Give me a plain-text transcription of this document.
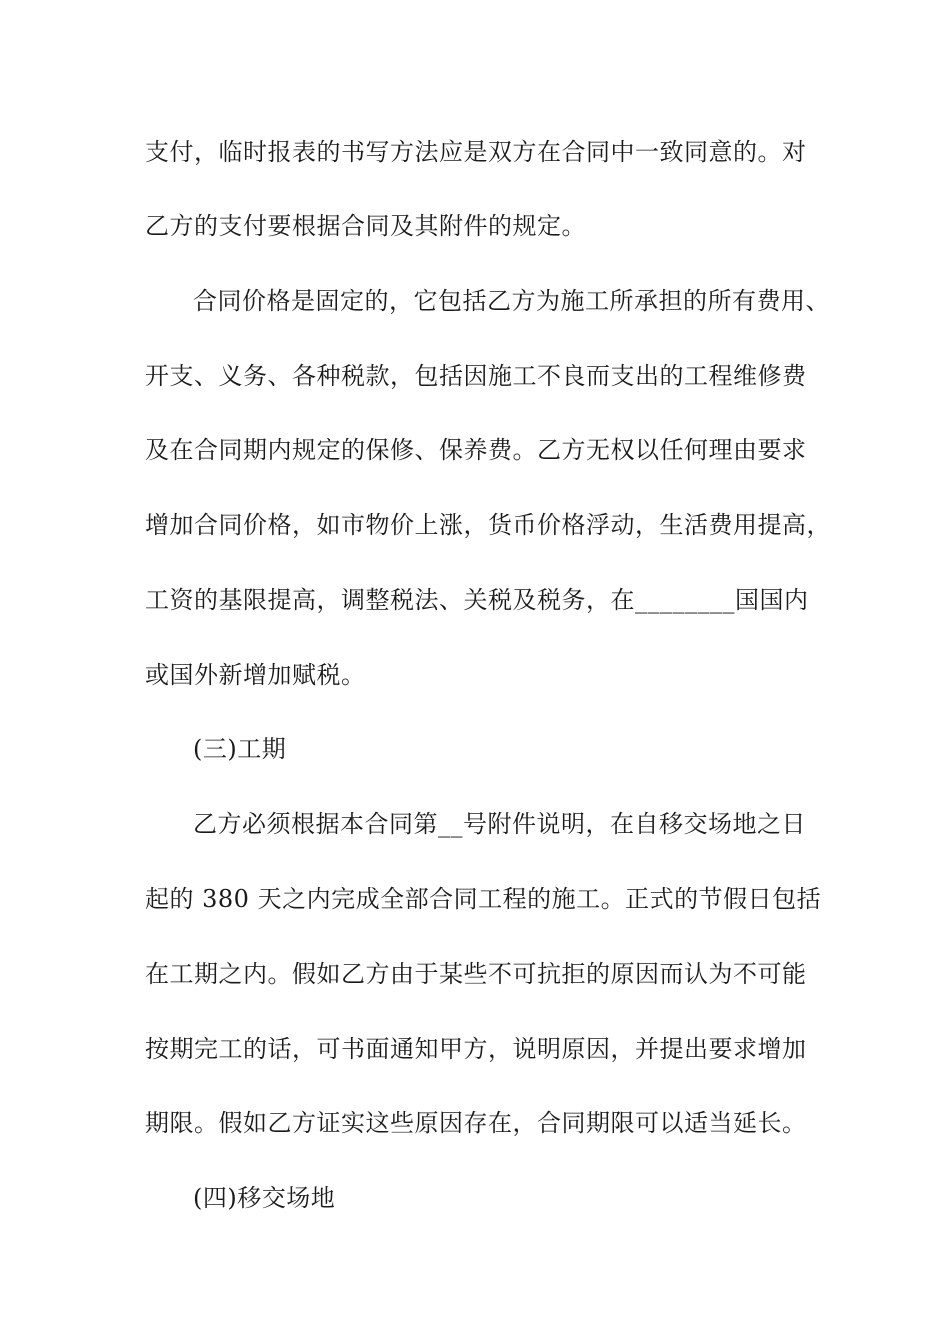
支付，临时报表的书写方法应是双方在合同中一致同意的。对
乙方的支付要根据合同及其附件的规定。
合同价格是固定的，它包括乙方为施工所承担的所有费用、
开支、义务、各种税款，包括因施工不良而支出的工程维修费
及在合同期内规定的保修、保养费。乙方无权以任何理由要求
增加合同价格，如市物价上涨，货币价格浮动，生活费用提高，
工资的基限提高，调整税法、关税及税务，在________国国内
或国外新增加赋税。
(三)工期
乙方必须根据本合同第__号附件说明，在自移交场地之日
起的 380 天之内完成全部合同工程的施工。正式的节假日包括
在工期之内。假如乙方由于某些不可抗拒的原因而认为不可能
按期完工的话，可书面通知甲方，说明原因，并提出要求增加
期限。假如乙方证实这些原因存在，合同期限可以适当延长。
(四)移交场地
